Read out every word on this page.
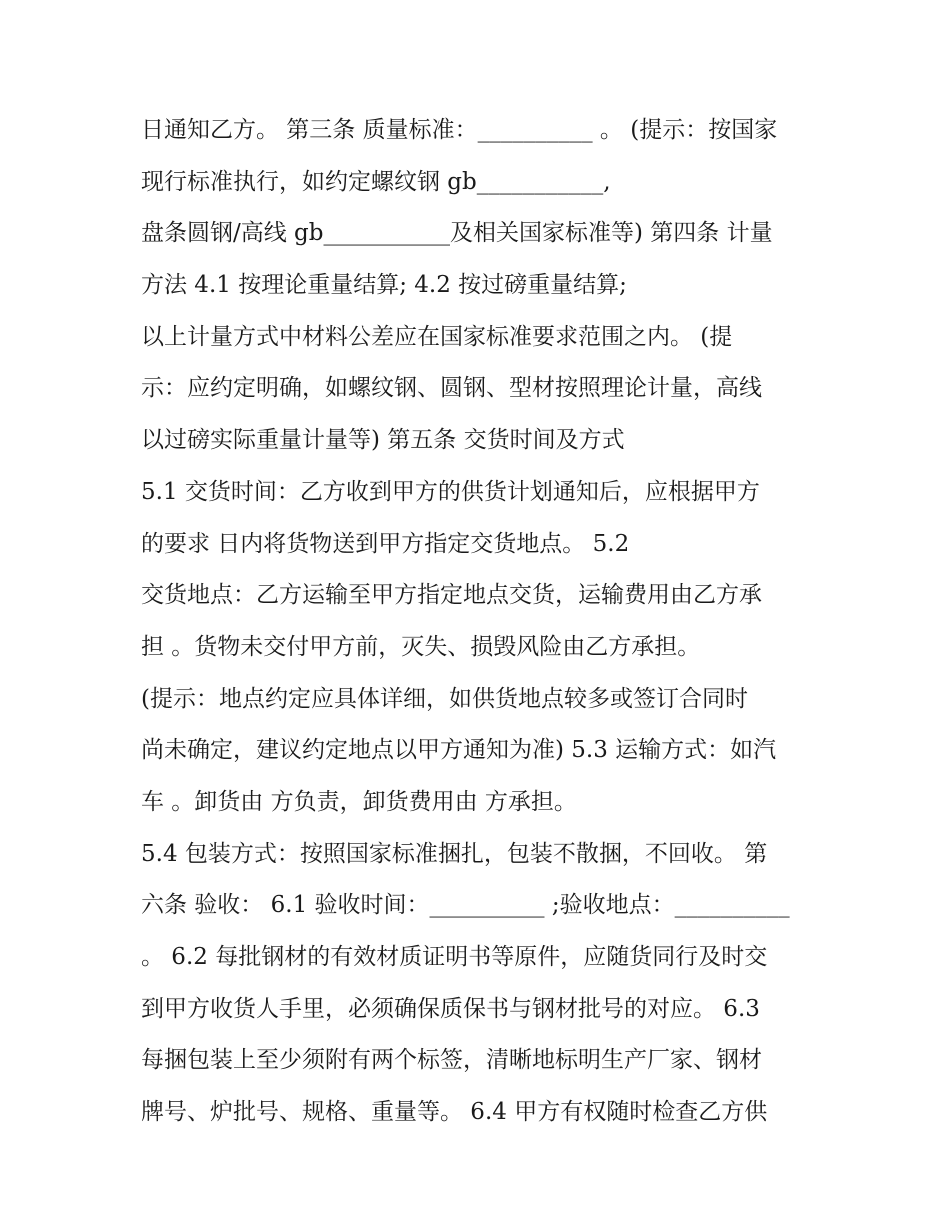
日通知乙方。 第三条 质量标准：__________ 。 (提示：按国家
现行标准执行，如约定螺纹钢 gb___________,
盘条圆钢/高线 gb___________及相关国家标准等) 第四条 计量
方法 4.1 按理论重量结算; 4.2 按过磅重量结算;
以上计量方式中材料公差应在国家标准要求范围之内。 (提
示：应约定明确，如螺纹钢、圆钢、型材按照理论计量，高线
以过磅实际重量计量等) 第五条 交货时间及方式
5.1 交货时间：乙方收到甲方的供货计划通知后，应根据甲方
的要求 日内将货物送到甲方指定交货地点。 5.2
交货地点：乙方运输至甲方指定地点交货，运输费用由乙方承
担 。货物未交付甲方前，灭失、损毁风险由乙方承担。
(提示：地点约定应具体详细，如供货地点较多或签订合同时
尚未确定，建议约定地点以甲方通知为准) 5.3 运输方式：如汽
车 。卸货由 方负责，卸货费用由 方承担。
5.4 包装方式：按照国家标准捆扎，包装不散捆，不回收。 第
六条 验收： 6.1 验收时间：__________ ;验收地点：__________
。 6.2 每批钢材的有效材质证明书等原件，应随货同行及时交
到甲方收货人手里，必须确保质保书与钢材批号的对应。 6.3
每捆包装上至少须附有两个标签，清晰地标明生产厂家、钢材
牌号、炉批号、规格、重量等。 6.4 甲方有权随时检查乙方供
